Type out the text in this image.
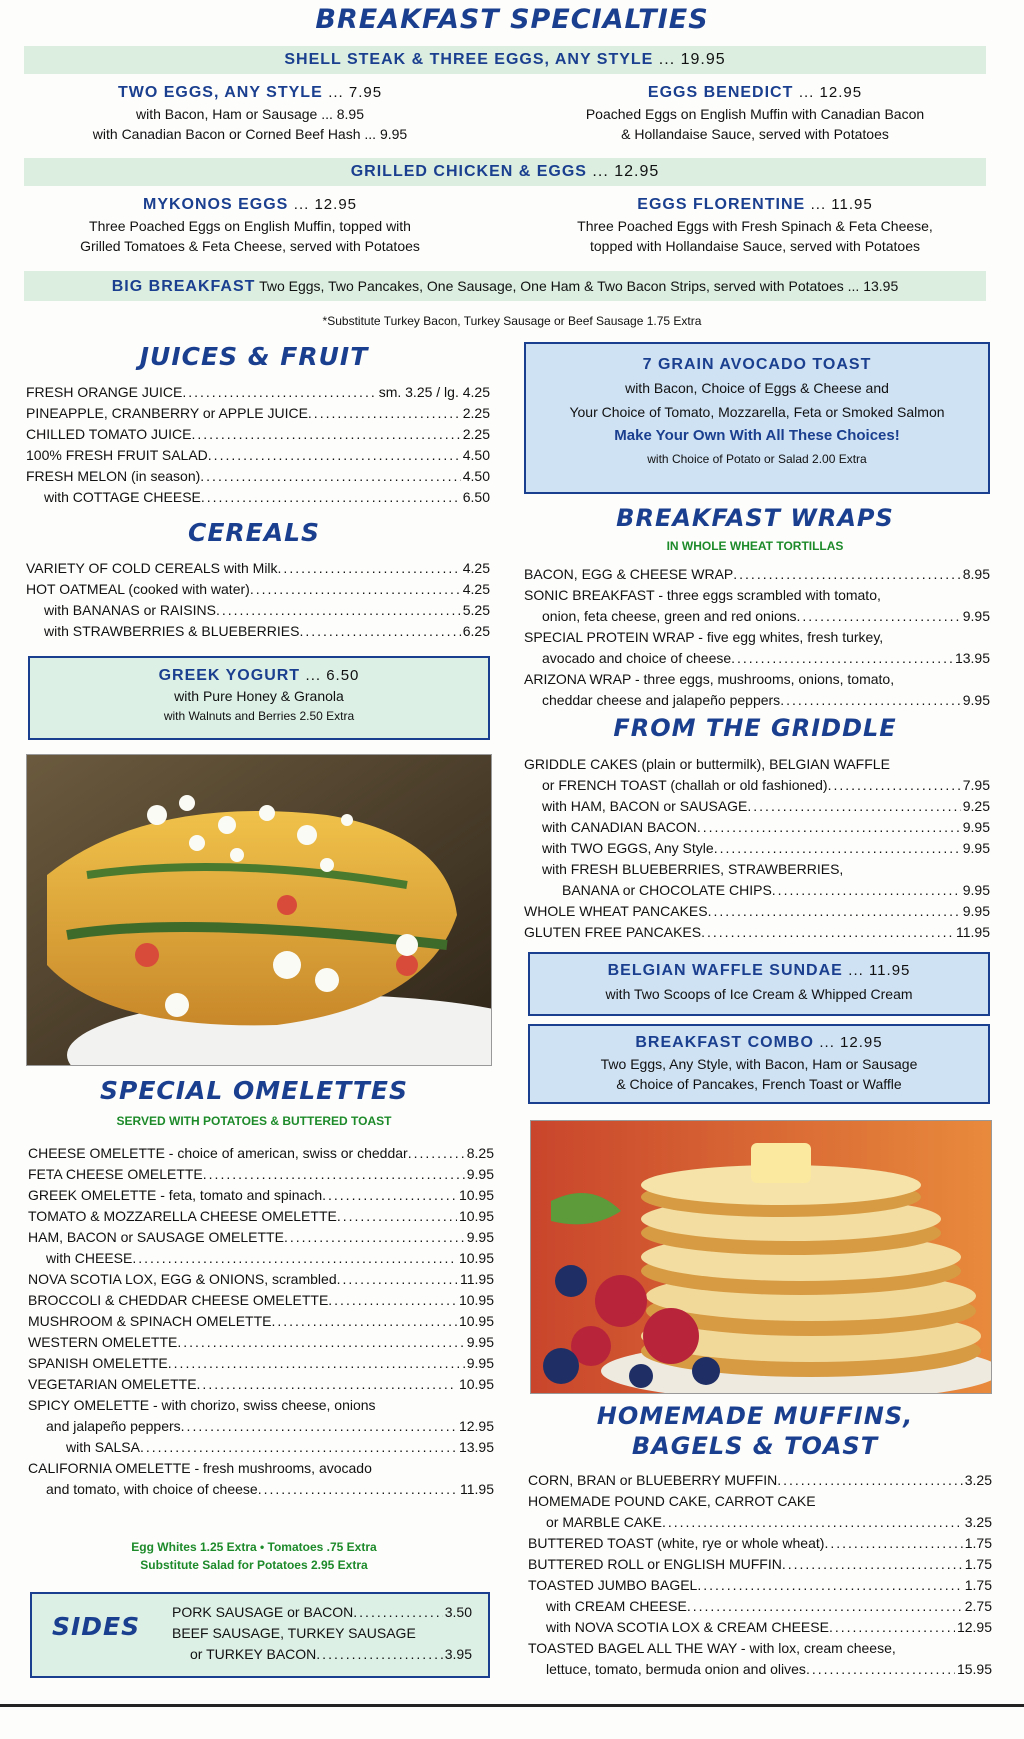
BREAKFAST SPECIALTIES
SHELL STEAK & THREE EGGS, ANY STYLE ... 19.95
TWO EGGS, ANY STYLE ... 7.95
with Bacon, Ham or Sausage ... 8.95
with Canadian Bacon or Corned Beef Hash ... 9.95
EGGS BENEDICT ... 12.95
Poached Eggs on English Muffin with Canadian Bacon
& Hollandaise Sauce, served with Potatoes
GRILLED CHICKEN & EGGS ... 12.95
MYKONOS EGGS ... 12.95
Three Poached Eggs on English Muffin, topped with
Grilled Tomatoes & Feta Cheese, served with Potatoes
EGGS FLORENTINE ... 11.95
Three Poached Eggs with Fresh Spinach & Feta Cheese,
topped with Hollandaise Sauce, served with Potatoes
BIG BREAKFAST Two Eggs, Two Pancakes, One Sausage, One Ham & Two Bacon Strips, served with Potatoes ... 13.95
*Substitute Turkey Bacon, Turkey Sausage or Beef Sausage 1.75 Extra
JUICES & FRUIT
FRESH ORANGE JUICE .....	sm. 3.25 / lg. 4.25
PINEAPPLE, CRANBERRY or APPLE JUICE .....	2.25
CHILLED TOMATO JUICE .....	2.25
100% FRESH FRUIT SALAD .....	4.50
FRESH MELON (in season) .....	4.50
with COTTAGE CHEESE .....	6.50
CEREALS
VARIETY OF COLD CEREALS with Milk .....	4.25
HOT OATMEAL (cooked with water) .....	4.25
with BANANAS or RAISINS .....	5.25
with STRAWBERRIES & BLUEBERRIES .....	6.25
GREEK YOGURT ... 6.50
with Pure Honey & Granola
with Walnuts and Berries 2.50 Extra
SPECIAL OMELETTES
SERVED WITH POTATOES & BUTTERED TOAST
CHEESE OMELETTE - choice of american, swiss or cheddar .....	8.25
FETA CHEESE OMELETTE .....	9.95
GREEK OMELETTE - feta, tomato and spinach .....	10.95
TOMATO & MOZZARELLA CHEESE OMELETTE .....	10.95
HAM, BACON or SAUSAGE OMELETTE .....	9.95
with CHEESE .....	10.95
NOVA SCOTIA LOX, EGG & ONIONS, scrambled .....	11.95
BROCCOLI & CHEDDAR CHEESE OMELETTE .....	10.95
MUSHROOM & SPINACH OMELETTE .....	10.95
WESTERN OMELETTE .....	9.95
SPANISH OMELETTE .....	9.95
VEGETARIAN OMELETTE .....	10.95
SPICY OMELETTE - with chorizo, swiss cheese, onions
and jalapeño peppers .....	12.95
with SALSA .....	13.95
CALIFORNIA OMELETTE - fresh mushrooms, avocado
and tomato, with choice of cheese .....	11.95
Egg Whites 1.25 Extra • Tomatoes .75 Extra
Substitute Salad for Potatoes 2.95 Extra
SIDES PORK SAUSAGE or BACON .....	3.50
BEEF SAUSAGE, TURKEY SAUSAGE
or TURKEY BACON .....	3.95
7 GRAIN AVOCADO TOAST
with Bacon, Choice of Eggs & Cheese and
Your Choice of Tomato, Mozzarella, Feta or Smoked Salmon
Make Your Own With All These Choices!
with Choice of Potato or Salad 2.00 Extra
BREAKFAST WRAPS
IN WHOLE WHEAT TORTILLAS
BACON, EGG & CHEESE WRAP .....	8.95
SONIC BREAKFAST - three eggs scrambled with tomato,
onion, feta cheese, green and red onions .....	9.95
SPECIAL PROTEIN WRAP - five egg whites, fresh turkey,
avocado and choice of cheese .....	13.95
ARIZONA WRAP - three eggs, mushrooms, onions, tomato,
cheddar cheese and jalapeño peppers .....	9.95
FROM THE GRIDDLE
GRIDDLE CAKES (plain or buttermilk), BELGIAN WAFFLE
or FRENCH TOAST (challah or old fashioned) .....	7.95
with HAM, BACON or SAUSAGE .....	9.25
with CANADIAN BACON .....	9.95
with TWO EGGS, Any Style .....	9.95
with FRESH BLUEBERRIES, STRAWBERRIES,
BANANA or CHOCOLATE CHIPS .....	9.95
WHOLE WHEAT PANCAKES .....	9.95
GLUTEN FREE PANCAKES .....	11.95
BELGIAN WAFFLE SUNDAE ... 11.95
with Two Scoops of Ice Cream & Whipped Cream
BREAKFAST COMBO ... 12.95
Two Eggs, Any Style, with Bacon, Ham or Sausage
& Choice of Pancakes, French Toast or Waffle
HOMEMADE MUFFINS,
BAGELS & TOAST
CORN, BRAN or BLUEBERRY MUFFIN .....	3.25
HOMEMADE POUND CAKE, CARROT CAKE
or MARBLE CAKE .....	3.25
BUTTERED TOAST (white, rye or whole wheat) .....	1.75
BUTTERED ROLL or ENGLISH MUFFIN .....	1.75
TOASTED JUMBO BAGEL .....	1.75
with CREAM CHEESE .....	2.75
with NOVA SCOTIA LOX & CREAM CHEESE .....	12.95
TOASTED BAGEL ALL THE WAY - with lox, cream cheese,
lettuce, tomato, bermuda onion and olives .....	15.95
